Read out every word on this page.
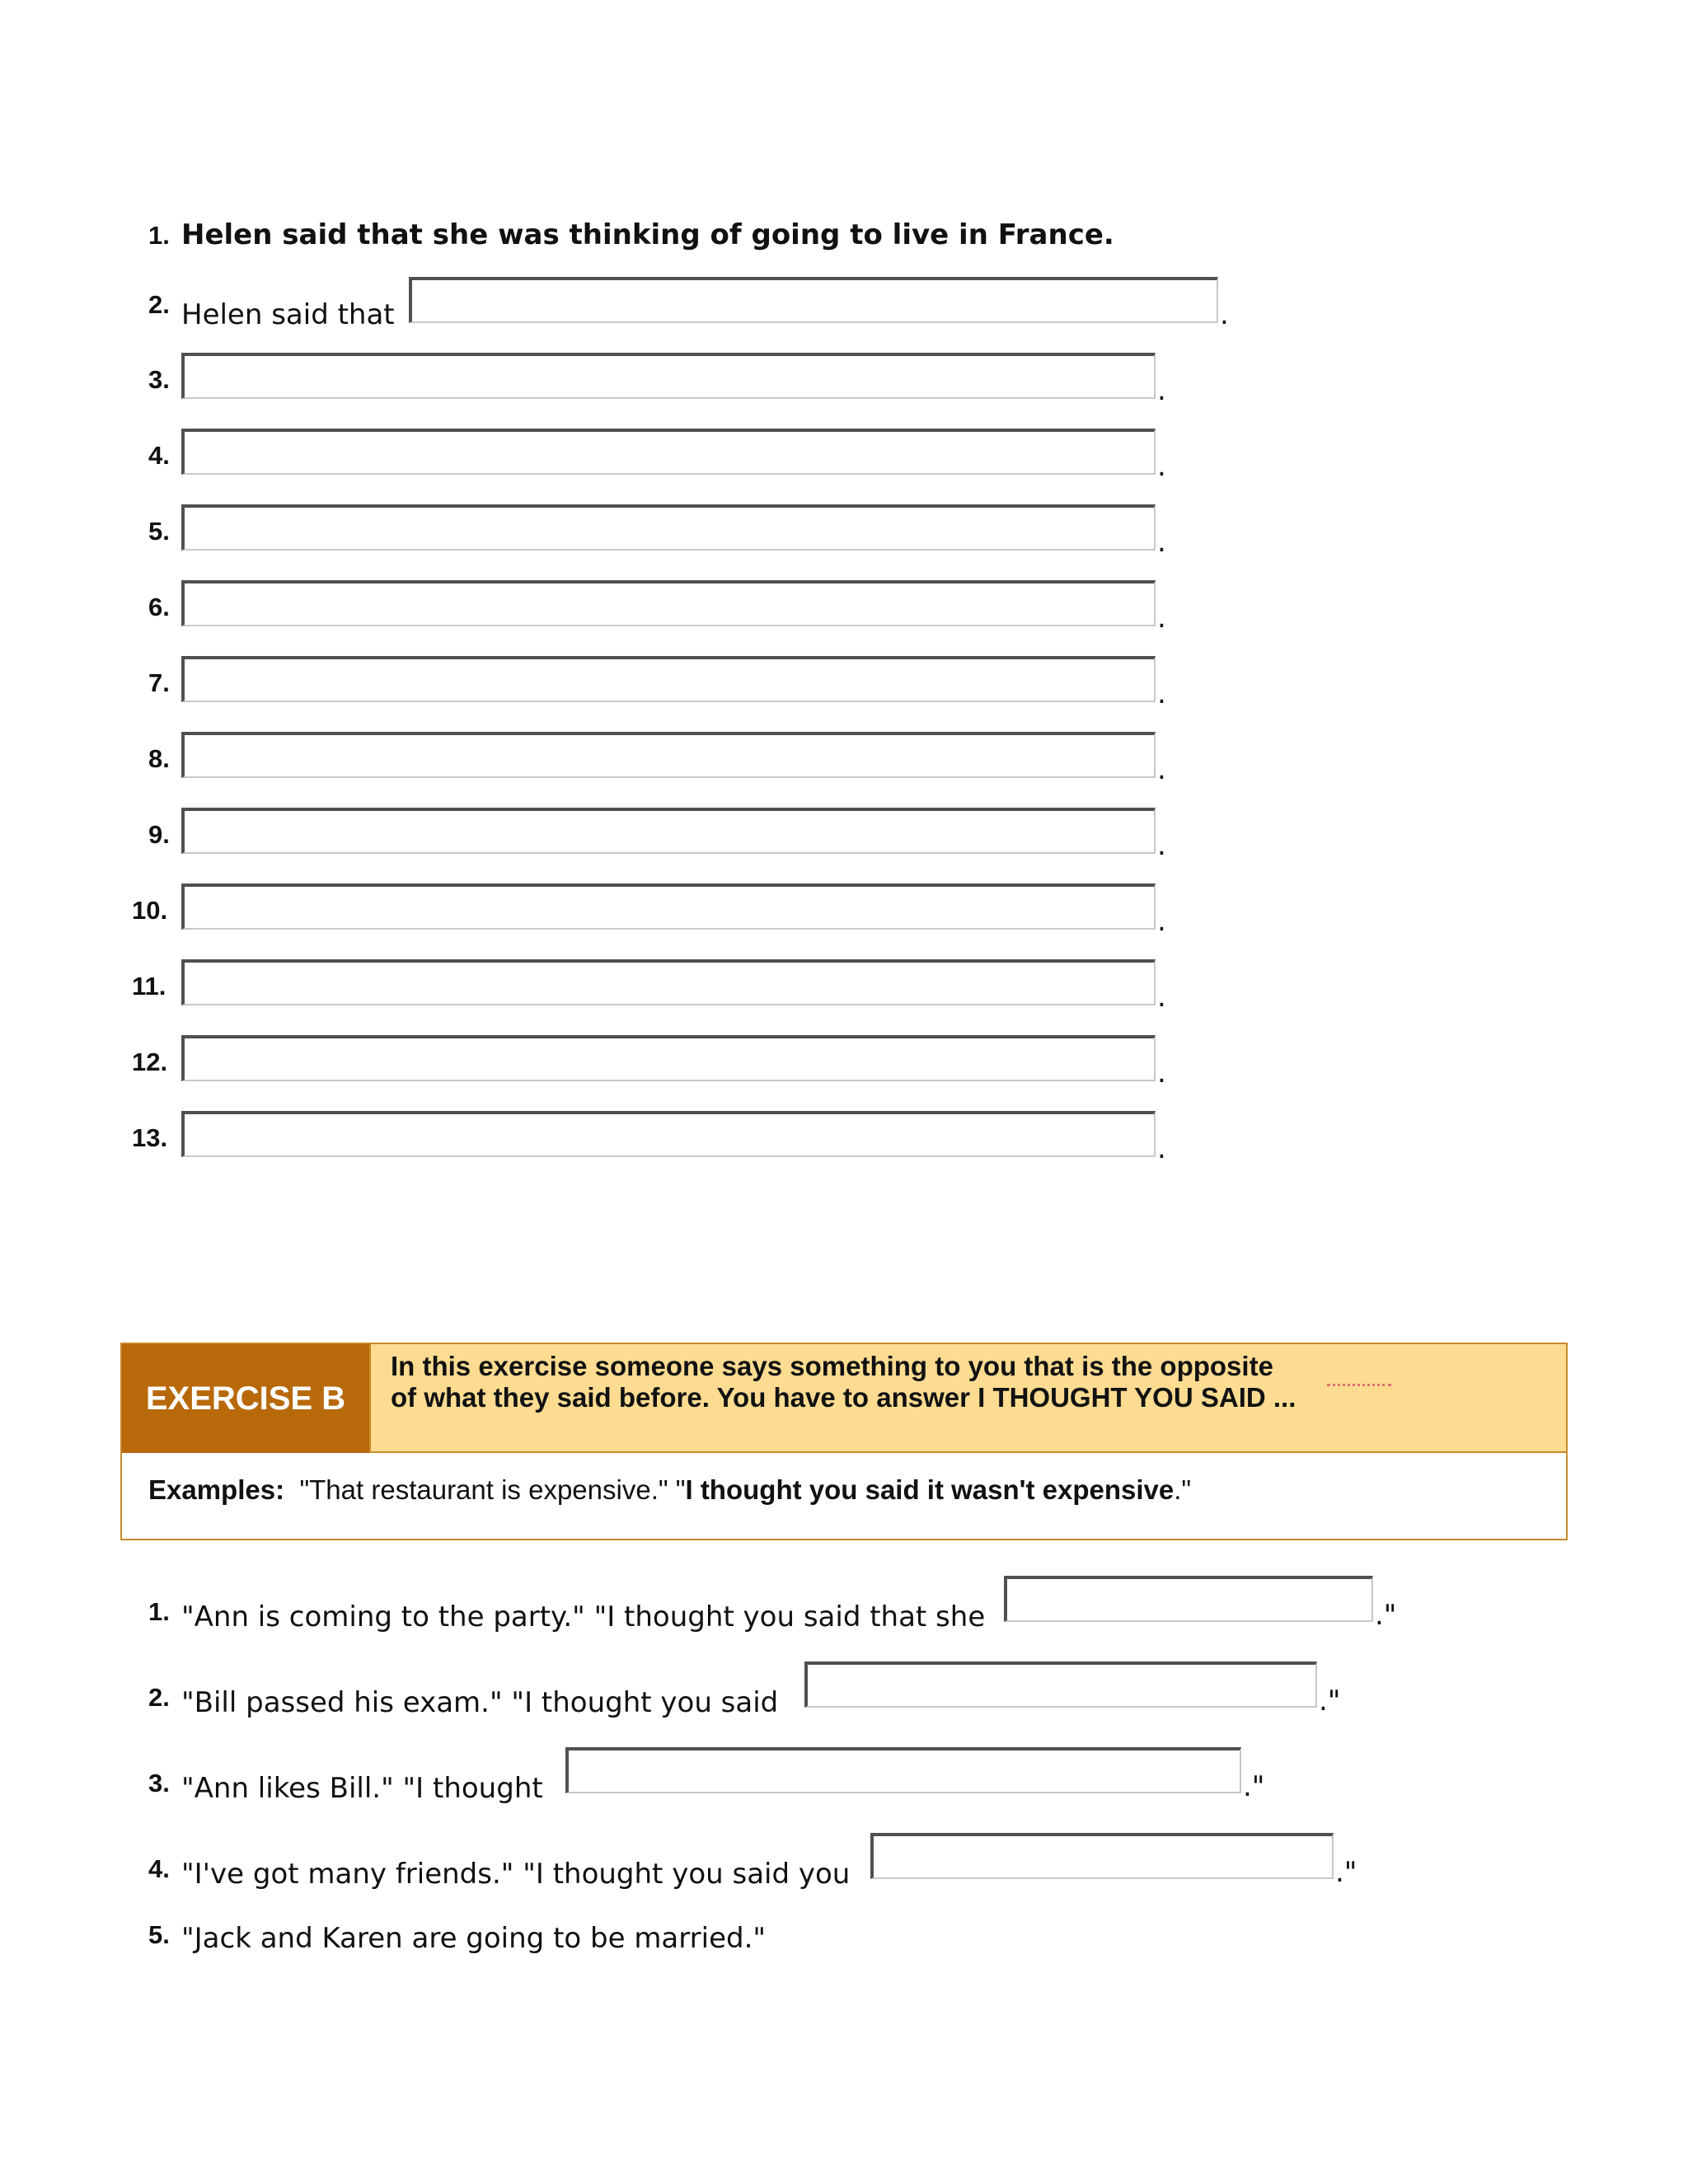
1. Helen said that she was thinking of going to live in France.
2. Helen said that	.
3.	.
4.	.
5.	.
6.	.
7.	.
8.	.
9.	.
10.	.
11.	.
12.	.
13.	.
EXERCISE B
In this exercise someone says something to you that is the opposite of what they said before. You have to answer I THOUGHT YOU SAID ...
Examples: "That restaurant is expensive." "I thought you said it wasn't expensive."
1. "Ann is coming to the party." "I thought you said that she	."
2. "Bill passed his exam." "I thought you said	."
3. "Ann likes Bill." "I thought	."
4. "I've got many friends." "I thought you said you	."
5. "Jack and Karen are going to be married."
